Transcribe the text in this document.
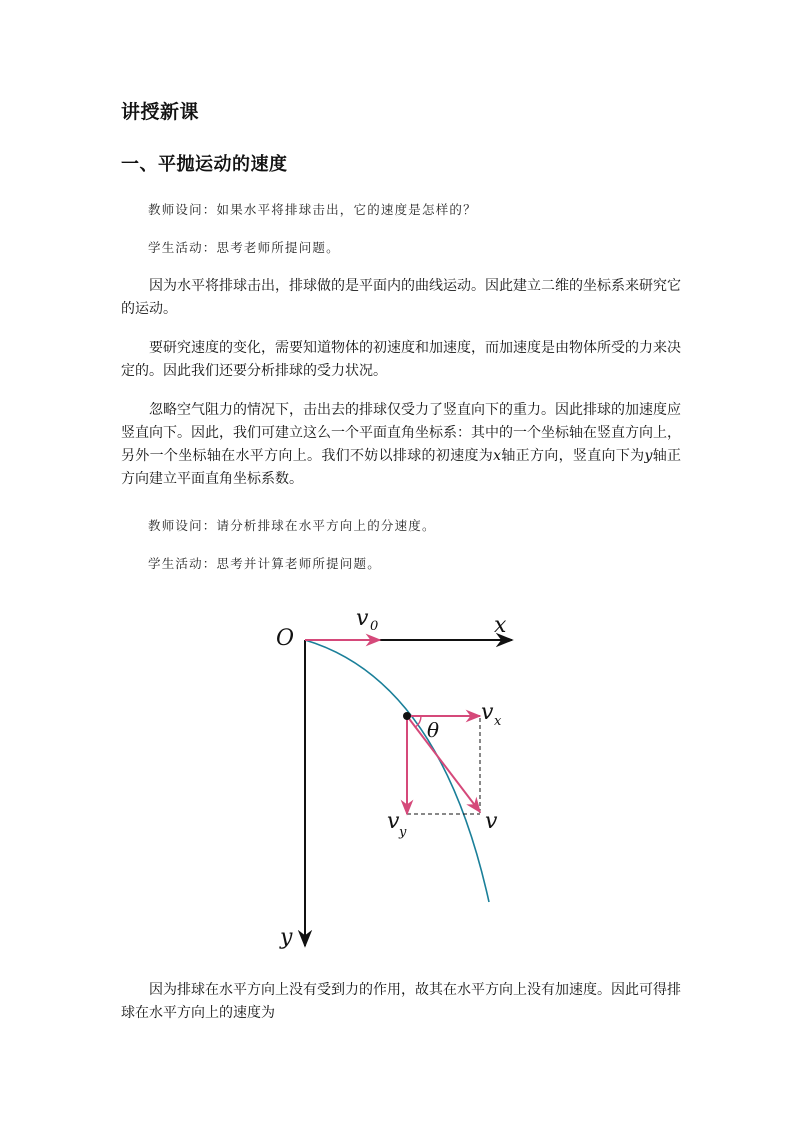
讲授新课
一、平抛运动的速度
教师设问：如果水平将排球击出，它的速度是怎样的？
学生活动：思考老师所提问题。
因为水平将排球击出，排球做的是平面内的曲线运动。因此建立二维的坐标系来研究它的运动。
要研究速度的变化，需要知道物体的初速度和加速度，而加速度是由物体所受的力来决定的。因此我们还要分析排球的受力状况。
忽略空气阻力的情况下，击出去的排球仅受力了竖直向下的重力。因此排球的加速度应竖直向下。因此，我们可建立这么一个平面直角坐标系：其中的一个坐标轴在竖直方向上，另外一个坐标轴在水平方向上。我们不妨以排球的初速度为x轴正方向，竖直向下为y轴正方向建立平面直角坐标系数。
教师设问：请分析排球在水平方向上的分速度。
学生活动：思考并计算老师所提问题。
O
x
y
v 0
v x
v y	v
θ
因为排球在水平方向上没有受到力的作用，故其在水平方向上没有加速度。因此可得排球在水平方向上的速度为
